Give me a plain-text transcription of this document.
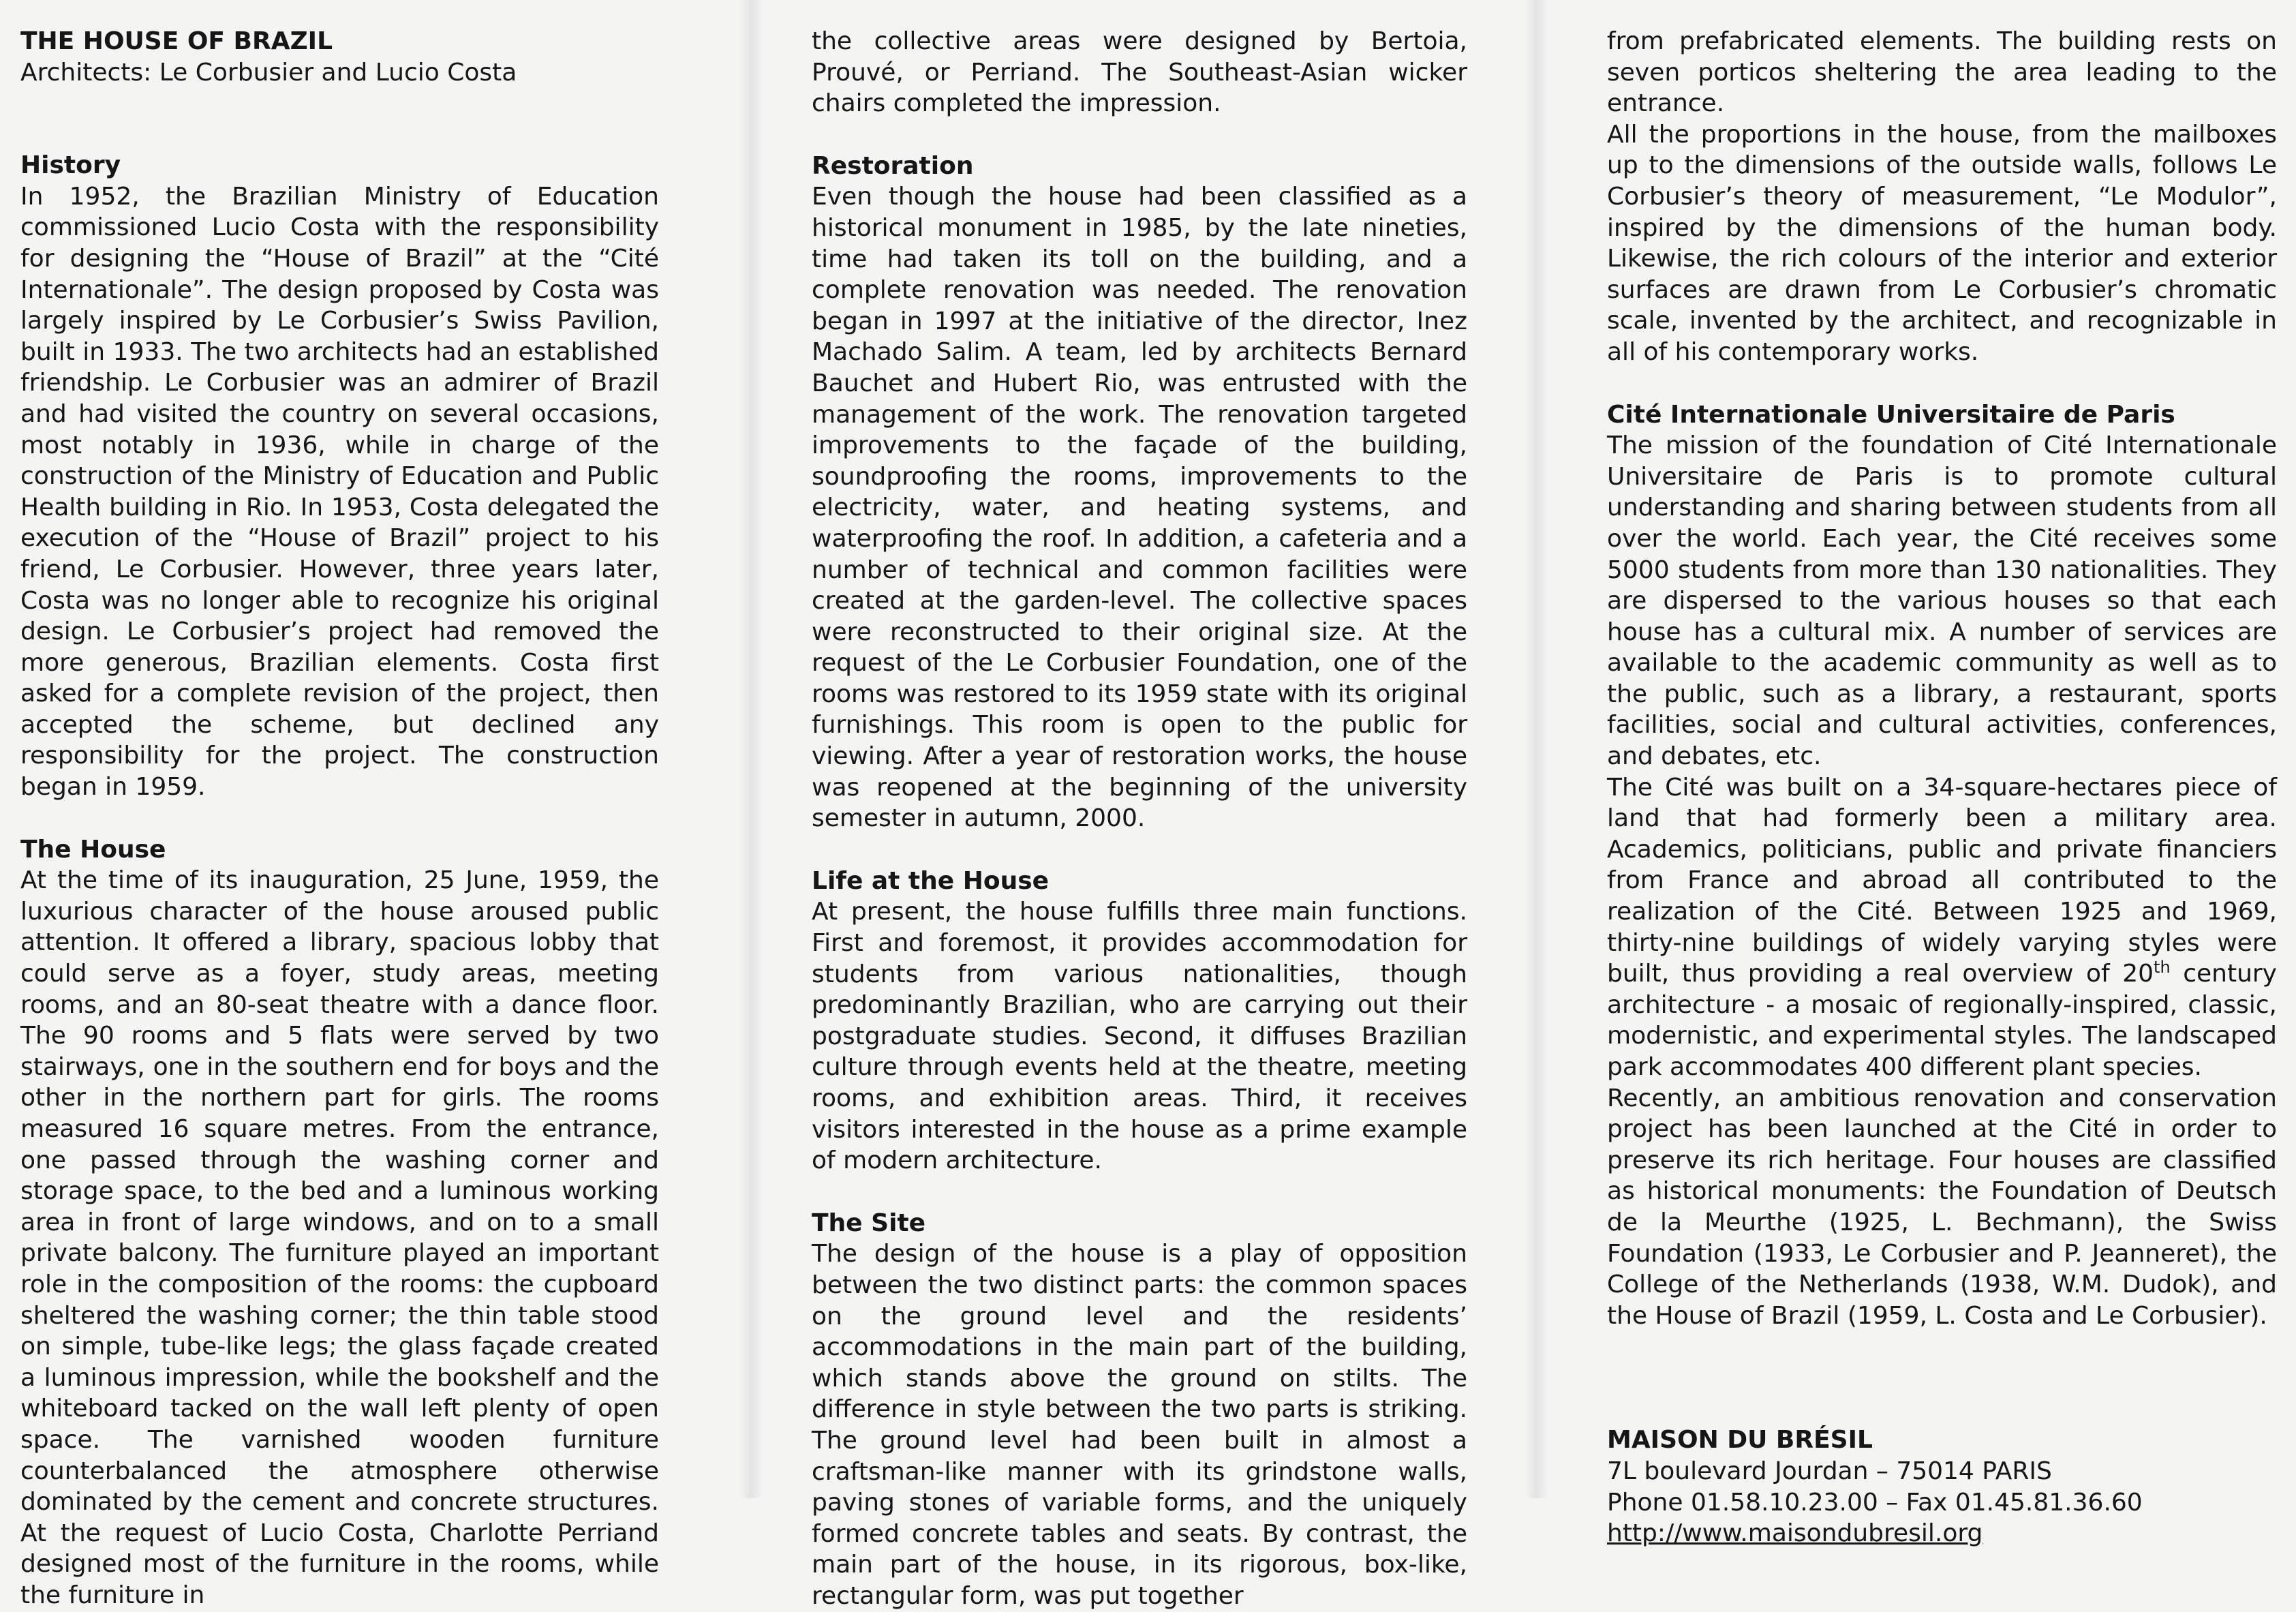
THE HOUSE OF BRAZIL

Architects: Le Corbusier and Lucio Costa

History

In 1952, the Brazilian Ministry of Education commissioned Lucio Costa with the responsibility for designing the “House of Brazil” at the “Cité Internationale”. The design proposed by Costa was largely inspired by Le Corbusier’s Swiss Pavilion, built in 1933. The two architects had an established friendship. Le Corbusier was an admirer of Brazil and had visited the country on several occasions, most notably in 1936, while in charge of the construction of the Ministry of Education and Public Health building in Rio. In 1953, Costa delegated the execution of the “House of Brazil” project to his friend, Le Corbusier. However, three years later, Costa was no longer able to recognize his original design. Le Corbusier’s project had removed the more generous, Brazilian elements. Costa first asked for a complete revision of the project, then accepted the scheme, but declined any responsibility for the project. The construction began in 1959.

The House

At the time of its inauguration, 25 June, 1959, the luxurious character of the house aroused public attention. It offered a library, spacious lobby that could serve as a foyer, study areas, meeting rooms, and an 80-seat theatre with a dance floor. The 90 rooms and 5 flats were served by two stairways, one in the southern end for boys and the other in the northern part for girls. The rooms measured 16 square metres. From the entrance, one passed through the washing corner and storage space, to the bed and a luminous working area in front of large windows, and on to a small private balcony. The furniture played an important role in the composition of the rooms: the cupboard sheltered the washing corner; the thin table stood on simple, tube-like legs; the glass façade created a luminous impression, while the bookshelf and the whiteboard tacked on the wall left plenty of open space. The varnished wooden furniture counterbalanced the atmosphere otherwise dominated by the cement and concrete structures. At the request of Lucio Costa, Charlotte Perriand designed most of the furniture in the rooms, while the furniture in

the collective areas were designed by Bertoia, Prouvé, or Perriand. The Southeast-Asian wicker chairs completed the impression.

Restoration

Even though the house had been classified as a historical monument in 1985, by the late nineties, time had taken its toll on the building, and a complete renovation was needed. The renovation began in 1997 at the initiative of the director, Inez Machado Salim. A team, led by architects Bernard Bauchet and Hubert Rio, was entrusted with the management of the work. The renovation targeted improvements to the façade of the building, soundproofing the rooms, improvements to the electricity, water, and heating systems, and waterproofing the roof. In addition, a cafeteria and a number of technical and common facilities were created at the garden-level. The collective spaces were reconstructed to their original size. At the request of the Le Corbusier Foundation, one of the rooms was restored to its 1959 state with its original furnishings. This room is open to the public for viewing. After a year of restoration works, the house was reopened at the beginning of the university semester in autumn, 2000.

Life at the House

At present, the house fulfills three main functions. First and foremost, it provides accommodation for students from various nationalities, though predominantly Brazilian, who are carrying out their postgraduate studies. Second, it diffuses Brazilian culture through events held at the theatre, meeting rooms, and exhibition areas. Third, it receives visitors interested in the house as a prime example of modern architecture.

The Site

The design of the house is a play of opposition between the two distinct parts: the common spaces on the ground level and the residents’ accommodations in the main part of the building, which stands above the ground on stilts. The difference in style between the two parts is striking. The ground level had been built in almost a craftsman-like manner with its grindstone walls, paving stones of variable forms, and the uniquely formed concrete tables and seats. By contrast, the main part of the house, in its rigorous, box-like, rectangular form, was put together

from prefabricated elements. The building rests on seven porticos sheltering the area leading to the entrance.

All the proportions in the house, from the mailboxes up to the dimensions of the outside walls, follows Le Corbusier’s theory of measurement, “Le Modulor”, inspired by the dimensions of the human body. Likewise, the rich colours of the interior and exterior surfaces are drawn from Le Corbusier’s chromatic scale, invented by the architect, and recognizable in all of his contemporary works.

Cité Internationale Universitaire de Paris

The mission of the foundation of Cité Internationale Universitaire de Paris is to promote cultural understanding and sharing between students from all over the world. Each year, the Cité receives some 5000 students from more than 130 nationalities. They are dispersed to the various houses so that each house has a cultural mix. A number of services are available to the academic community as well as to the public, such as a library, a restaurant, sports facilities, social and cultural activities, conferences, and debates, etc.

The Cité was built on a 34-square-hectares piece of land that had formerly been a military area. Academics, politicians, public and private financiers from France and abroad all contributed to the realization of the Cité. Between 1925 and 1969, thirty-nine buildings of widely varying styles were built, thus providing a real overview of 20th century architecture - a mosaic of regionally-inspired, classic, modernistic, and experimental styles. The landscaped park accommodates 400 different plant species.

Recently, an ambitious renovation and conservation project has been launched at the Cité in order to preserve its rich heritage. Four houses are classified as historical monuments: the Foundation of Deutsch de la Meurthe (1925, L. Bechmann), the Swiss Foundation (1933, Le Corbusier and P. Jeanneret), the College of the Netherlands (1938, W.M. Dudok), and the House of Brazil (1959, L. Costa and Le Corbusier).

MAISON DU BRÉSIL

7L boulevard Jourdan – 75014 PARIS

Phone 01.58.10.23.00 – Fax 01.45.81.36.60

http://www.maisondubresil.org
